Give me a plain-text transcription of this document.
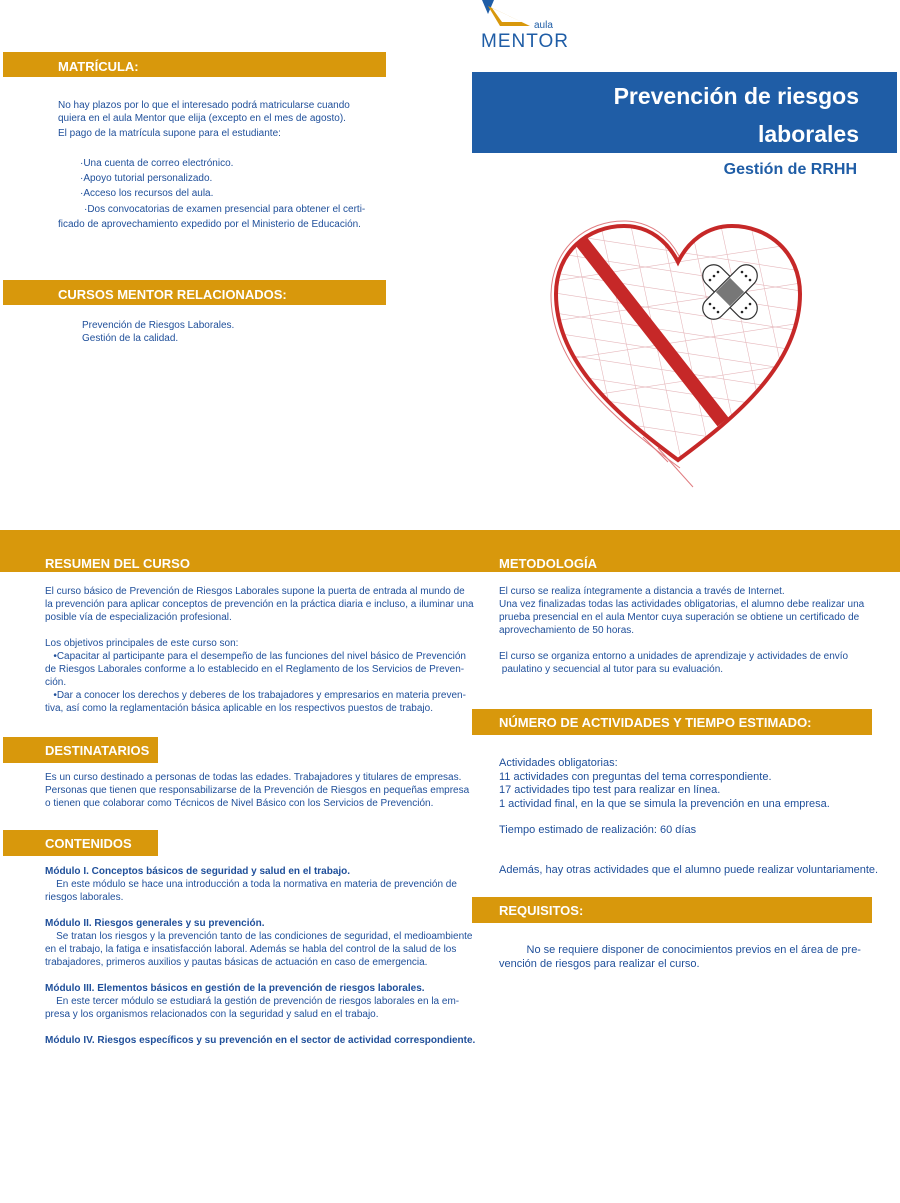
aula
MENTOR
MATRÍCULA:
No hay plazos por lo que el interesado podrá matricularse cuando
quiera en el aula Mentor que elija (excepto en el mes de agosto).
El pago de la matrícula supone para el estudiante:
·Una cuenta de correo electrónico.
·Apoyo tutorial personalizado.
·Acceso los recursos del aula.
·Dos convocatorias de examen presencial para obtener el certi-
ficado de aprovechamiento expedido por el Ministerio de Educación.
CURSOS MENTOR RELACIONADOS:
Prevención de Riesgos Laborales.
Gestión de la calidad.
Prevención de riesgos
laborales
Gestión de RRHH
RESUMEN DEL CURSO
El curso básico de Prevención de Riesgos Laborales supone la puerta de entrada al mundo de
la prevención para aplicar conceptos de prevención en la práctica diaria e incluso, a iluminar una
posible vía de especialización profesional.
Los objetivos principales de este curso son:
•Capacitar al participante para el desempeño de las funciones del nivel básico de Prevención
de Riesgos Laborales conforme a lo establecido en el Reglamento de los Servicios de Preven-
ción.
•Dar a conocer los derechos y deberes de los trabajadores y empresarios en materia preven-
tiva, así como la reglamentación básica aplicable en los respectivos puestos de trabajo.
DESTINATARIOS
Es un curso destinado a personas de todas las edades. Trabajadores y titulares de empresas.
Personas que tienen que responsabilizarse de la Prevención de Riesgos en pequeñas empresa
o tienen que colaborar como Técnicos de Nivel Básico con los Servicios de Prevención.
CONTENIDOS
Módulo I. Conceptos básicos de seguridad y salud en el trabajo.
En este módulo se hace una introducción a toda la normativa en materia de prevención de
riesgos laborales.
Módulo II. Riesgos generales y su prevención.
Se tratan los riesgos y la prevención tanto de las condiciones de seguridad, el medioambiente
en el trabajo, la fatiga e insatisfacción laboral. Además se habla del control de la salud de los
trabajadores, primeros auxilios y pautas básicas de actuación en caso de emergencia.
Módulo III. Elementos básicos en gestión de la prevención de riesgos laborales.
En este tercer módulo se estudiará la gestión de prevención de riesgos laborales en la em-
presa y los organismos relacionados con la seguridad y salud en el trabajo.
Módulo IV. Riesgos específicos y su prevención en el sector de actividad correspondiente.
METODOLOGÍA
El curso se realiza íntegramente a distancia a través de Internet.
Una vez finalizadas todas las actividades obligatorias, el alumno debe realizar una
prueba presencial en el aula Mentor cuya superación se obtiene un certificado de
aprovechamiento de 50 horas.
El curso se organiza entorno a unidades de aprendizaje y actividades de envío
paulatino y secuencial al tutor para su evaluación.
NÚMERO DE ACTIVIDADES Y TIEMPO ESTIMADO:
Actividades obligatorias:
11 actividades con preguntas del tema correspondiente.
17 actividades tipo test para realizar en línea.
1 actividad final, en la que se simula la prevención en una empresa.
Tiempo estimado de realización: 60 días
Además, hay otras actividades que el alumno puede realizar voluntariamente.
REQUISITOS:
No se requiere disponer de conocimientos previos en el área de pre-
vención de riesgos para realizar el curso.
